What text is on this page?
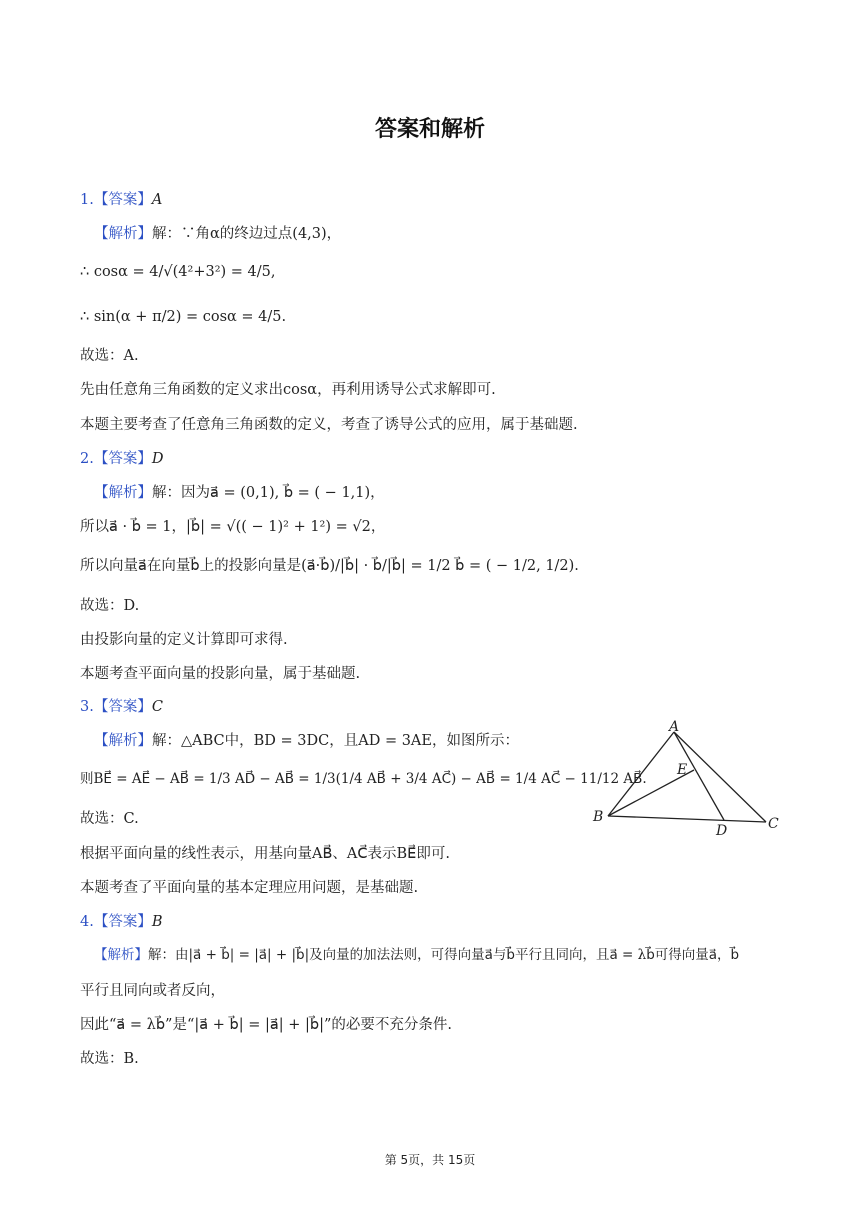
答案和解析
1.【答案】A
【解析】解：∵角α的终边过点(4,3)，
∴ cosα = 4/√(4²+3²) = 4/5,
∴ sin(α + π/2) = cosα = 4/5.
故选：A.
先由任意角三角函数的定义求出cosα，再利用诱导公式求解即可.
本题主要考查了任意角三角函数的定义，考查了诱导公式的应用，属于基础题.
2.【答案】D
【解析】解：因为a⃗ = (0,1), b⃗ = ( − 1,1)，
所以a⃗ · b⃗ = 1，|b⃗| = √(( − 1)² + 1²) = √2，
所以向量a⃗在向量b⃗上的投影向量是(a⃗·b⃗)/|b⃗| · b⃗/|b⃗| = 1/2 b⃗ = ( − 1/2, 1/2).
故选：D.
由投影向量的定义计算即可求得.
本题考查平面向量的投影向量，属于基础题.
3.【答案】C
【解析】解：△ABC中，BD = 3DC，且AD = 3AE，如图所示：
则BE⃗ = AE⃗ − AB⃗ = 1/3 AD⃗ − AB⃗ = 1/3(1/4 AB⃗ + 3/4 AC⃗) − AB⃗ = 1/4 AC⃗ − 11/12 AB⃗.
故选：C.
根据平面向量的线性表示，用基向量AB⃗、AC⃗表示BE⃗即可.
本题考查了平面向量的基本定理应用问题，是基础题.
A
E
B
D	C
4.【答案】B
【解析】解：由|a⃗ + b⃗| = |a⃗| + |b⃗|及向量的加法法则，可得向量a⃗与b⃗平行且同向，且a⃗ = λb⃗可得向量a⃗，b⃗
平行且同向或者反向，
因此“a⃗ = λb⃗”是“|a⃗ + b⃗| = |a⃗| + |b⃗|”的必要不充分条件.
故选：B.
第 5页，共 15页
